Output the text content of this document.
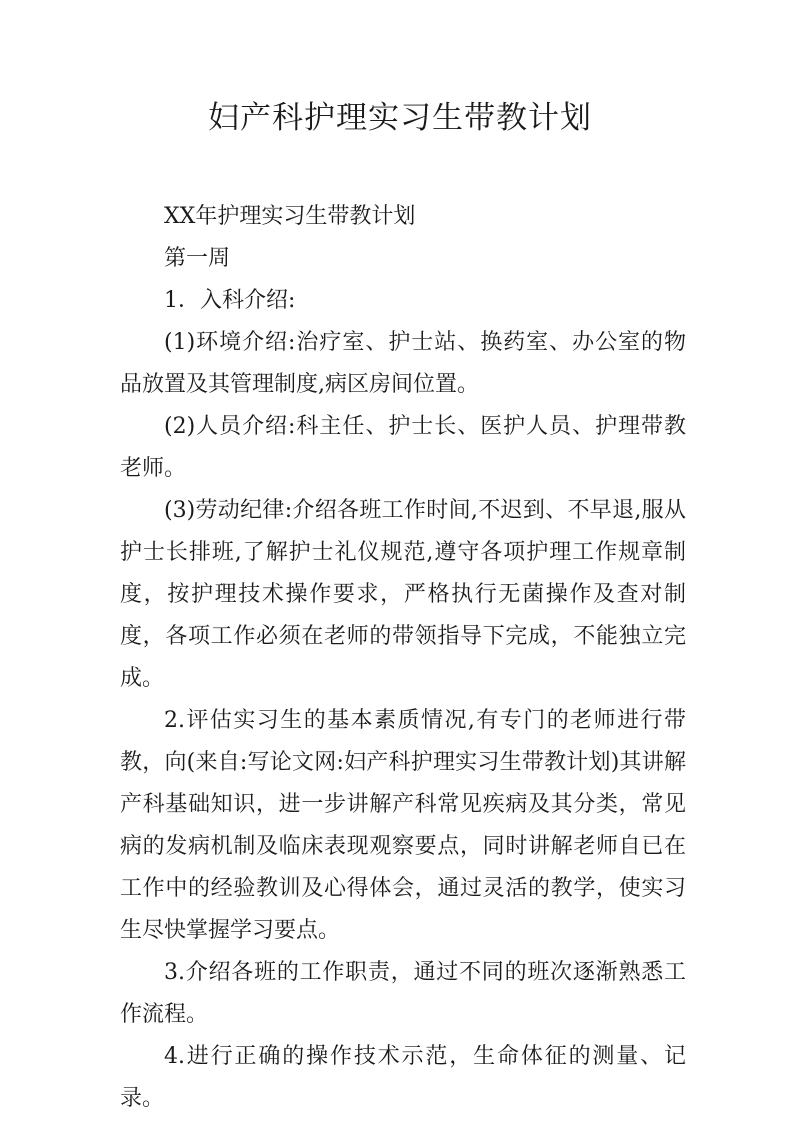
妇产科护理实习生带教计划

XX年护理实习生带教计划

第一周

1．入科介绍:

(1)环境介绍:治疗室、护士站、换药室、办公室的物品放置及其管理制度,病区房间位置。

(2)人员介绍:科主任、护士长、医护人员、护理带教老师。

(3)劳动纪律:介绍各班工作时间,不迟到、不早退,服从护士长排班,了解护士礼仪规范,遵守各项护理工作规章制度，按护理技术操作要求，严格执行无菌操作及查对制度，各项工作必须在老师的带领指导下完成，不能独立完成。

2.评估实习生的基本素质情况,有专门的老师进行带教，向(来自:写论文网:妇产科护理实习生带教计划)其讲解产科基础知识，进一步讲解产科常见疾病及其分类，常见病的发病机制及临床表现观察要点，同时讲解老师自已在工作中的经验教训及心得体会，通过灵活的教学，使实习生尽快掌握学习要点。

3.介绍各班的工作职责，通过不同的班次逐渐熟悉工作流程。

4.进行正确的操作技术示范，生命体征的测量、记录。
